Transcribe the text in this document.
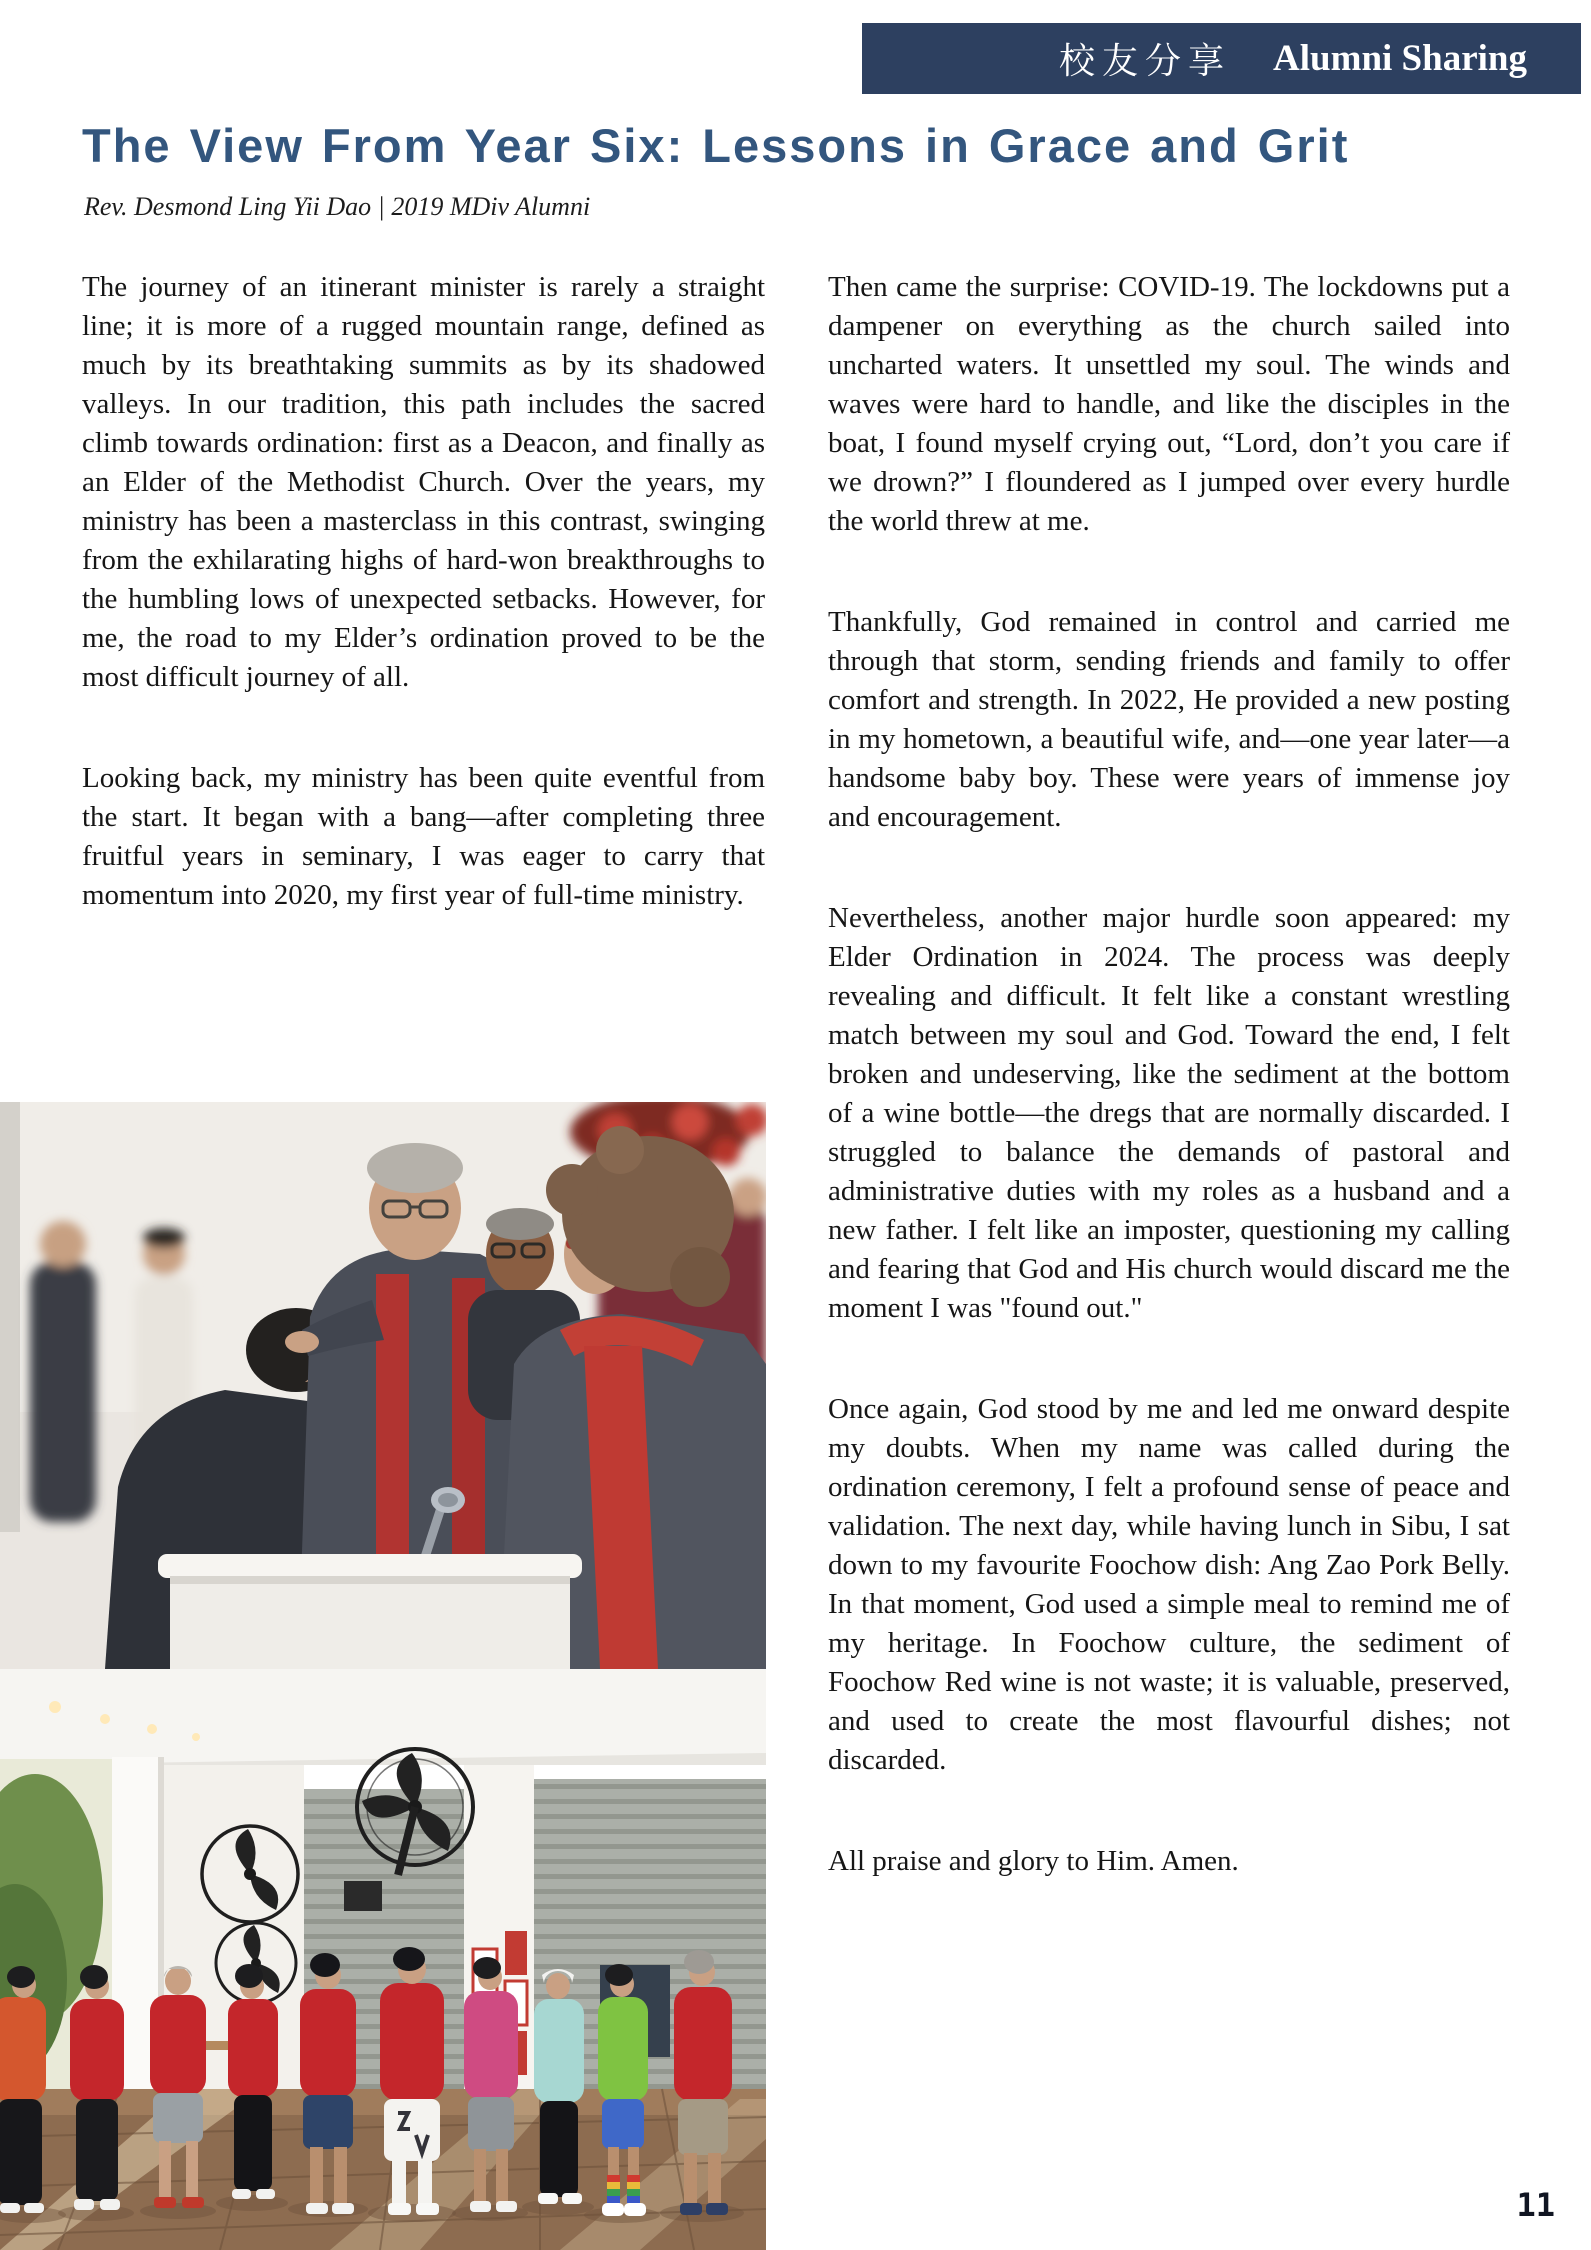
校友分享 Alumni Sharing
The View From Year Six: Lessons in Grace and Grit
Rev. Desmond Ling Yii Dao | 2019 MDiv Alumni

The journey of an itinerant minister is rarely a straight line; it is more of a rugged mountain range, defined as much by its breathtaking summits as by its shadowed valleys. In our tradition, this path includes the sacred climb towards ordination: first as a Deacon, and finally as an Elder of the Methodist Church. Over the years, my ministry has been a masterclass in this contrast, swinging from the exhilarating highs of hard-won breakthroughs to the humbling lows of unexpected setbacks. However, for me, the road to my Elder’s ordination proved to be the most difficult journey of all.

Looking back, my ministry has been quite eventful from the start. It began with a bang—after completing three fruitful years in seminary, I was eager to carry that momentum into 2020, my first year of full-time ministry.

Then came the surprise: COVID-19. The lockdowns put a dampener on everything as the church sailed into uncharted waters. It unsettled my soul. The winds and waves were hard to handle, and like the disciples in the boat, I found myself crying out, “Lord, don’t you care if we drown?” I floundered as I jumped over every hurdle the world threw at me.

Thankfully, God remained in control and carried me through that storm, sending friends and family to offer comfort and strength. In 2022, He provided a new posting in my hometown, a beautiful wife, and—one year later—a handsome baby boy. These were years of immense joy and encouragement.

Nevertheless, another major hurdle soon appeared: my Elder Ordination in 2024. The process was deeply revealing and difficult. It felt like a constant wrestling match between my soul and God. Toward the end, I felt broken and undeserving, like the sediment at the bottom of a wine bottle—the dregs that are normally discarded. I struggled to balance the demands of pastoral and administrative duties with my roles as a husband and a new father. I felt like an imposter, questioning my calling and fearing that God and His church would discard me the moment I was "found out."

Once again, God stood by me and led me onward despite my doubts. When my name was called during the ordination ceremony, I felt a profound sense of peace and validation. The next day, while having lunch in Sibu, I sat down to my favourite Foochow dish: Ang Zao Pork Belly. In that moment, God used a simple meal to remind me of my heritage. In Foochow culture, the sediment of Foochow Red wine is not waste; it is valuable, preserved, and used to create the most flavourful dishes; not discarded.

All praise and glory to Him. Amen.

11
